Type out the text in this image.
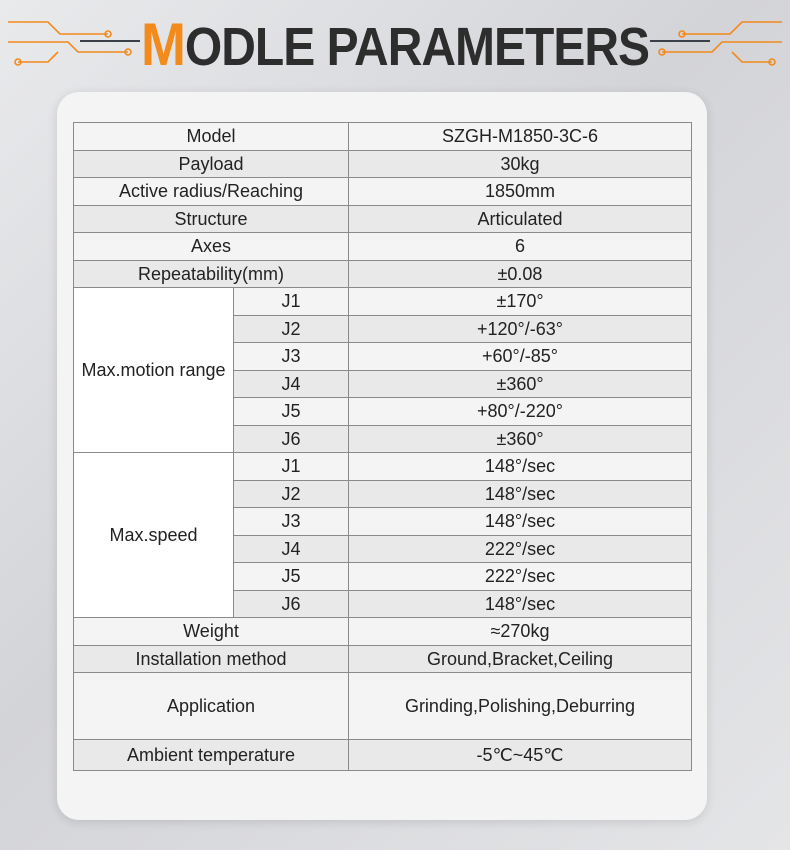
MODLE PARAMETERS
Model		SZGH-M1850-3C-6
Payload		30kg
Active radius/Reaching		1850mm
Structure		Articulated
Axes		6
Repeatability(mm)		±0.08
Max.motion range	J1	±170°
	J2	+120°/-63°
	J3	+60°/-85°
	J4	±360°
	J5	+80°/-220°
	J6	±360°
Max.speed	J1	148°/sec
	J2	148°/sec
	J3	148°/sec
	J4	222°/sec
	J5	222°/sec
	J6	148°/sec
Weight		≈270kg
Installation method		Ground,Bracket,Ceiling
Application		Grinding,Polishing,Deburring
Ambient temperature		-5℃~45℃
